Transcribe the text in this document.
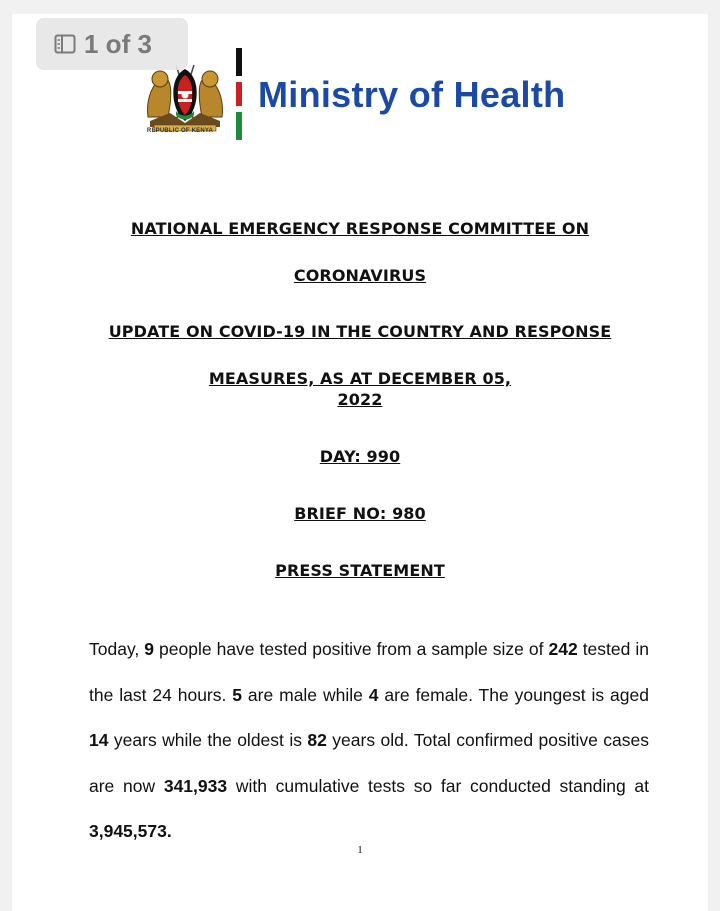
1 of 3
REPUBLIC OF KENYA
Ministry of Health
NATIONAL EMERGENCY RESPONSE COMMITTEE ON
CORONAVIRUS
UPDATE ON COVID-19 IN THE COUNTRY AND RESPONSE
MEASURES, AS AT DECEMBER 05,
2022
DAY: 990
BRIEF NO: 980
PRESS STATEMENT
Today, 9 people have tested positive from a sample size of 242 tested in the last 24 hours. 5 are male while 4 are female. The youngest is aged 14 years while the oldest is 82 years old. Total confirmed positive cases are now 341,933 with cumulative tests so far conducted standing at 3,945,573.
1
